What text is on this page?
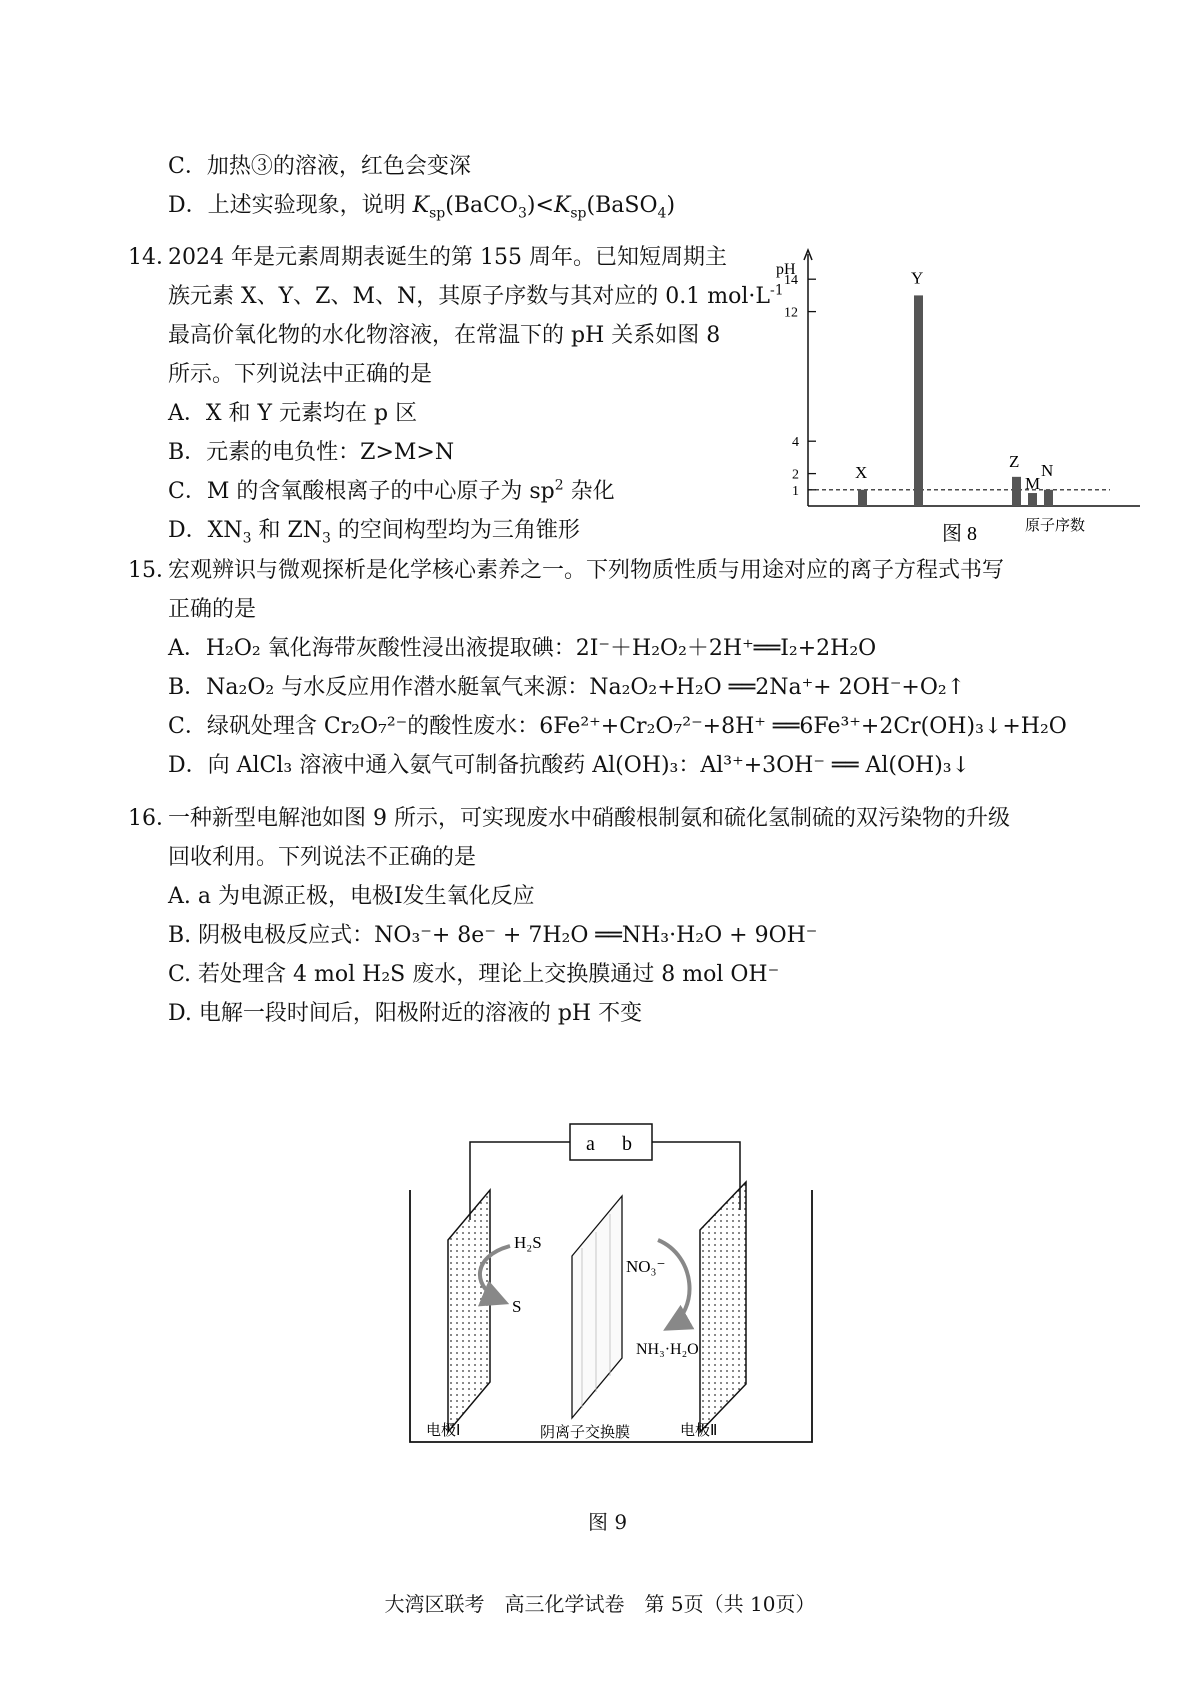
C．加热③的溶液，红色会变深
D．上述实验现象，说明 $K_{sp}(BaCO_3)<K_{sp}(BaSO_4)$
14．
2024 年是元素周期表诞生的第 155 周年。已知短周期主
族元素 X、Y、Z、M、N，其原子序数与其对应的 0.1 $mol\cdot L^{-1}$
最高价氧化物的水化物溶液，在常温下的 pH 关系如图 8
所示。下列说法中正确的是
A．X 和 Y 元素均在 p 区
B．元素的电负性：Z>M>N
C．M 的含氧酸根离子的中心原子为 $sp^2$ 杂化
D．$XN_3$ 和 $ZN_3$ 的空间构型均为三角锥形
pH
原子序数
1
2
4
12
14
X
Y
Z
M
N
图 8
15．
宏观辨识与微观探析是化学核心素养之一。下列物质性质与用途对应的离子方程式书写
正确的是
A．H₂O₂ 氧化海带灰酸性浸出液提取碘：2I⁻＋H₂O₂＋2H⁺══I₂+2H₂O
B．Na₂O₂ 与水反应用作潜水艇氧气来源：Na₂O₂+H₂O ══2Na⁺+ 2OH⁻+O₂↑
C．绿矾处理含 Cr₂O₇²⁻的酸性废水：6Fe²⁺+Cr₂O₇²⁻+8H⁺ ══6Fe³⁺+2Cr(OH)₃↓+H₂O
D．向 AlCl₃ 溶液中通入氨气可制备抗酸药 Al(OH)₃：Al³⁺+3OH⁻ ══ Al(OH)₃↓
16．
一种新型电解池如图 9 所示，可实现废水中硝酸根制氨和硫化氢制硫的双污染物的升级
回收利用。下列说法不正确的是
A. a 为电源正极，电极Ⅰ发生氧化反应
B. 阴极电极反应式：NO₃⁻+ 8e⁻ + 7H₂O ══NH₃·H₂O + 9OH⁻
C. 若处理含 4 mol H₂S 废水，理论上交换膜通过 8 mol OH⁻
D. 电解一段时间后，阳极附近的溶液的 pH 不变
a b
H₂S
S
NO₃⁻
NH₃·H₂O
电极Ⅰ	阴离子交换膜	电极Ⅱ
图 9
大湾区联考　高三化学试卷　第 5页（共 10页）
